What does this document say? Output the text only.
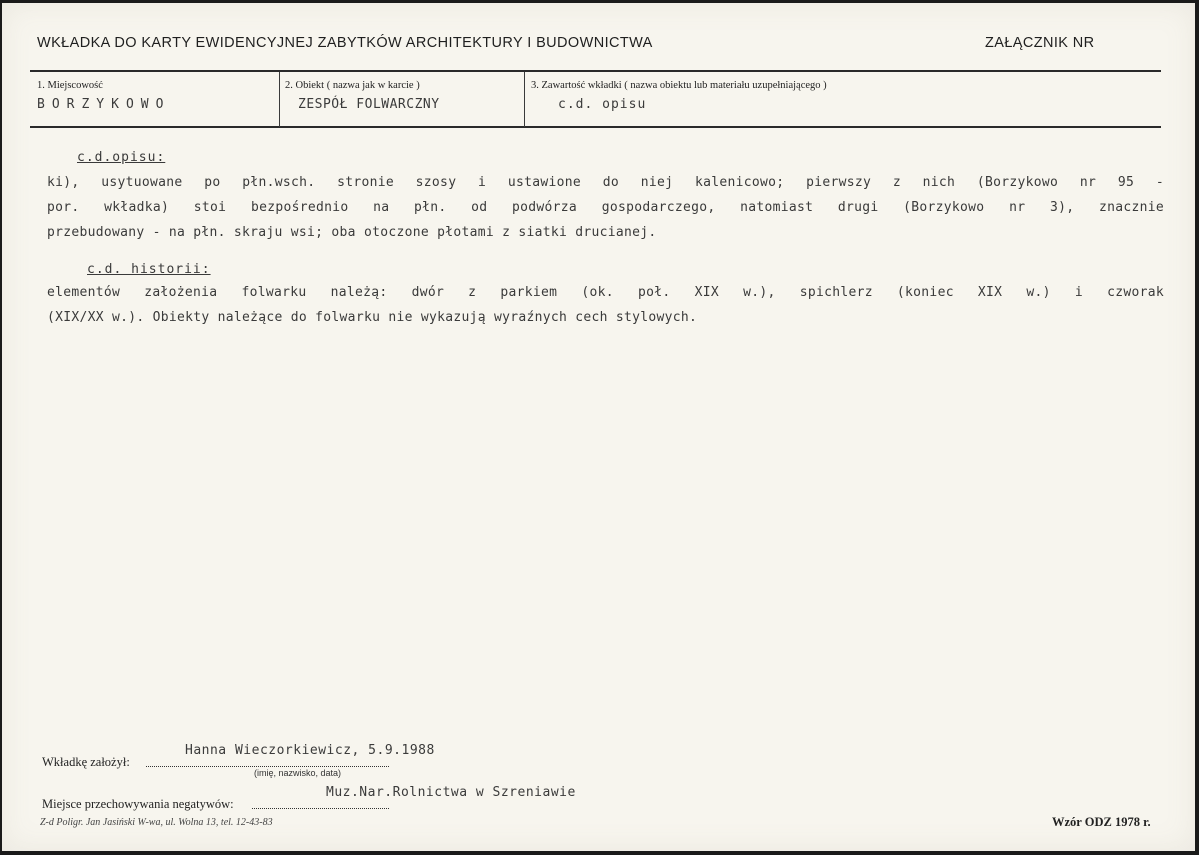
WKŁADKA DO KARTY EWIDENCYJNEJ ZABYTKÓW ARCHITEKTURY I BUDOWNICTWA	ZAŁĄCZNIK NR
1. Miejscowość
BORZYKOWO
2. Obiekt ( nazwa jak w karcie )
ZESPÓŁ FOLWARCZNY
3. Zawartość wkładki ( nazwa obiektu lub materiału uzupełniającego )
c.d. opisu
c.d.opisu:
ki), usytuowane po płn.wsch. stronie szosy i ustawione do niej kalenicowo; pierwszy z nich (Borzykowo nr 95 -
por. wkładka) stoi bezpośrednio na płn. od podwórza gospodarczego, natomiast drugi (Borzykowo nr 3), znacznie
przebudowany - na płn. skraju wsi; oba otoczone płotami z siatki drucianej.
c.d. historii:
elementów założenia folwarku należą: dwór z parkiem (ok. poł. XIX w.), spichlerz (koniec XIX w.) i czworak
(XIX/XX w.). Obiekty należące do folwarku nie wykazują wyraźnych cech stylowych.
Wkładkę założył:
Hanna Wieczorkiewicz, 5.9.1988
(imię, nazwisko, data)
Miejsce przechowywania negatywów:
Muz.Nar.Rolnictwa w Szreniawie
Z-d Poligr. Jan Jasiński W-wa, ul. Wolna 13, tel. 12-43-83	Wzór ODZ 1978 r.
